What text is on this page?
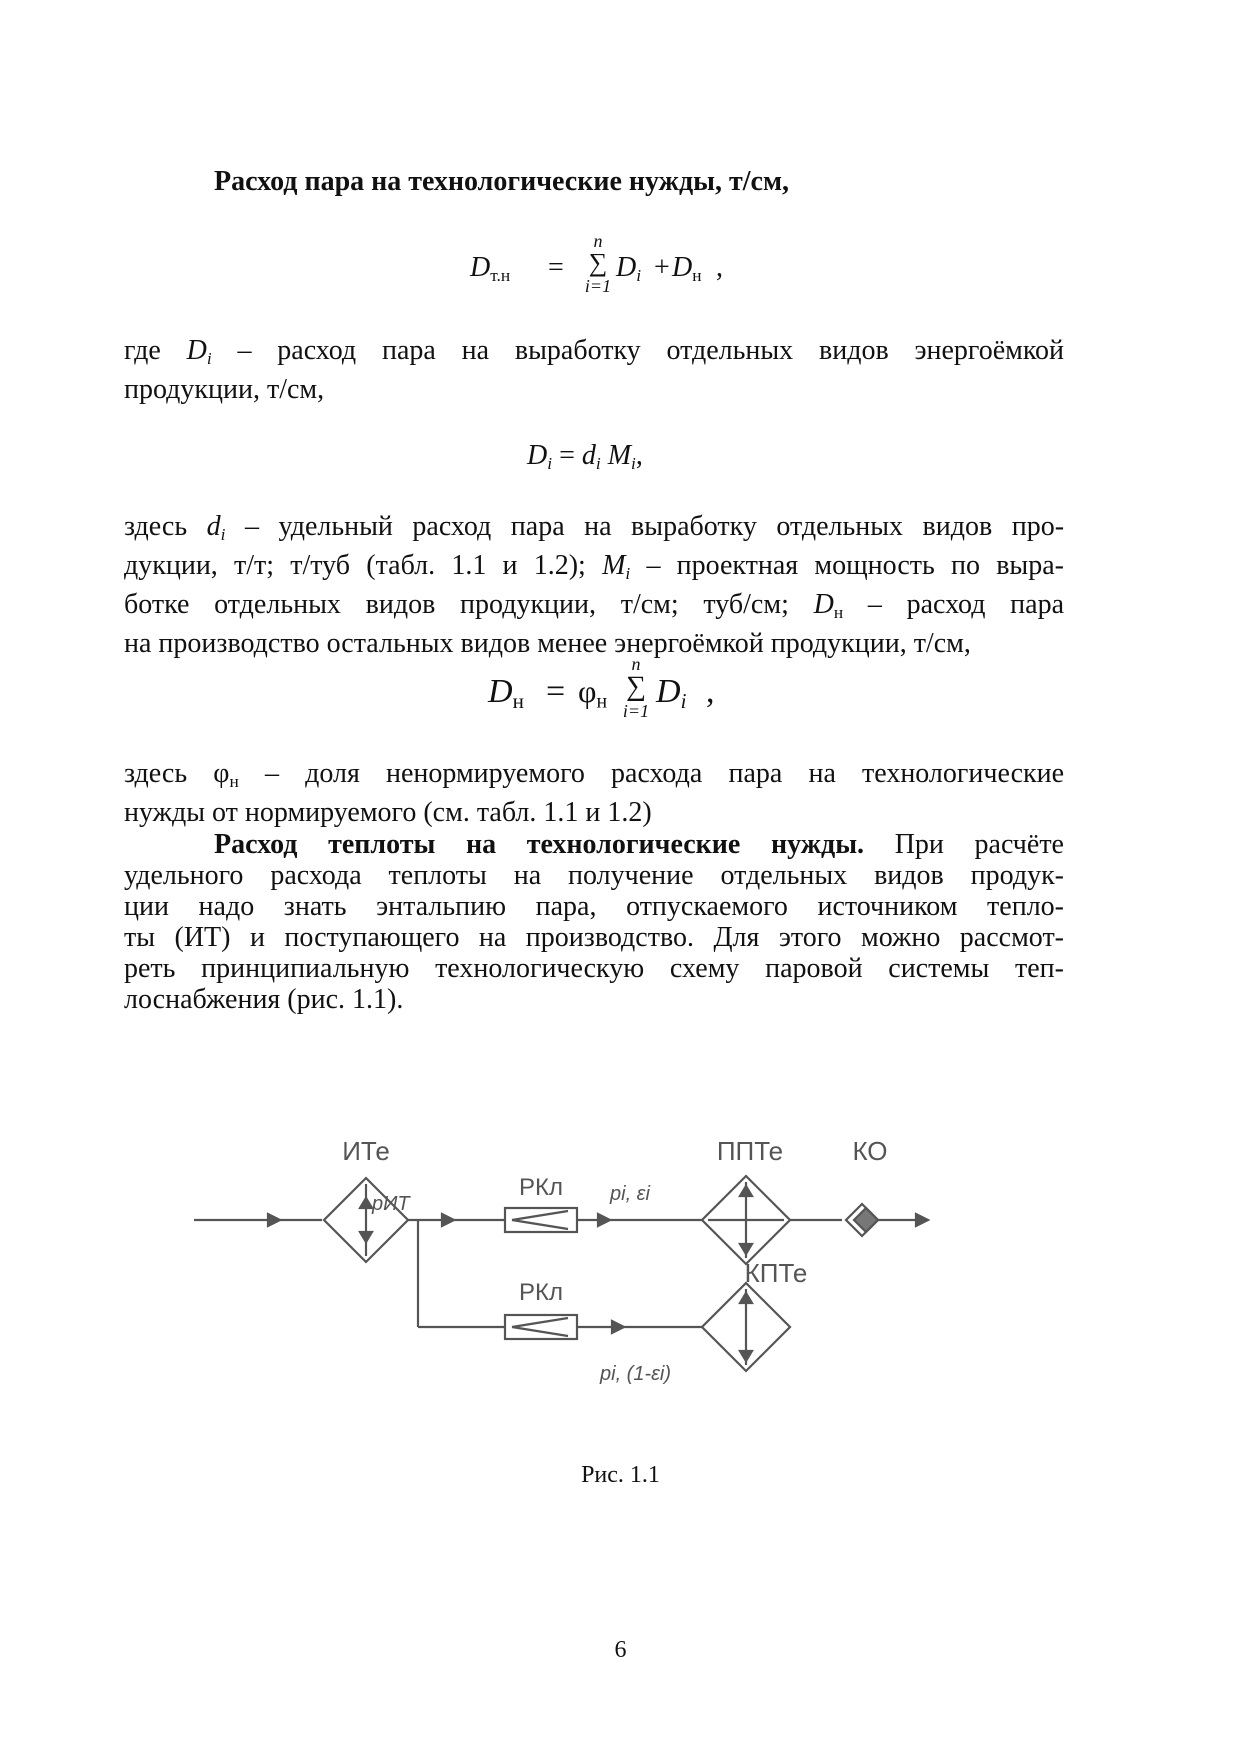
Расход пара на технологические нужды, т/см,
$D_{т.н}$ =
n
∑
i=1
$D_i + D_н$ ,
где $D_i$ – расход пара на выработку отдельных видов энергоёмкой
продукции, т/см,
$D_i = d_i$ $M_i$,
здесь $d_i$ – удельный расход пара на выработку отдельных видов про-
дукции, т/т; т/туб (табл. 1.1 и 1.2); $M_i$ – проектная мощность по выра-
ботке отдельных видов продукции, т/см; туб/см; $D_н$ – расход пара
на производство остальных видов менее энергоёмкой продукции, т/см,
$D_н = \varphi_н$
n
∑
i=1
$D_i$ ,
здесь $\varphi_н$ – доля ненормируемого расхода пара на технологические
нужды от нормируемого (см. табл. 1.1 и 1.2)
Расход теплоты на технологические нужды. При расчёте
удельного расхода теплоты на получение отдельных видов продук-
ции надо знать энтальпию пара, отпускаемого источником тепло-
ты (ИТ) и поступающего на производство. Для этого можно рассмот-
реть принципиальную технологическую схему паровой системы теп-
лоснабжения (рис. 1.1).
ИТе
pИТ
РКл pi, εi
ППТе	КО
РКл
КПТе
pi, (1-εi)
Рис. 1.1
6
